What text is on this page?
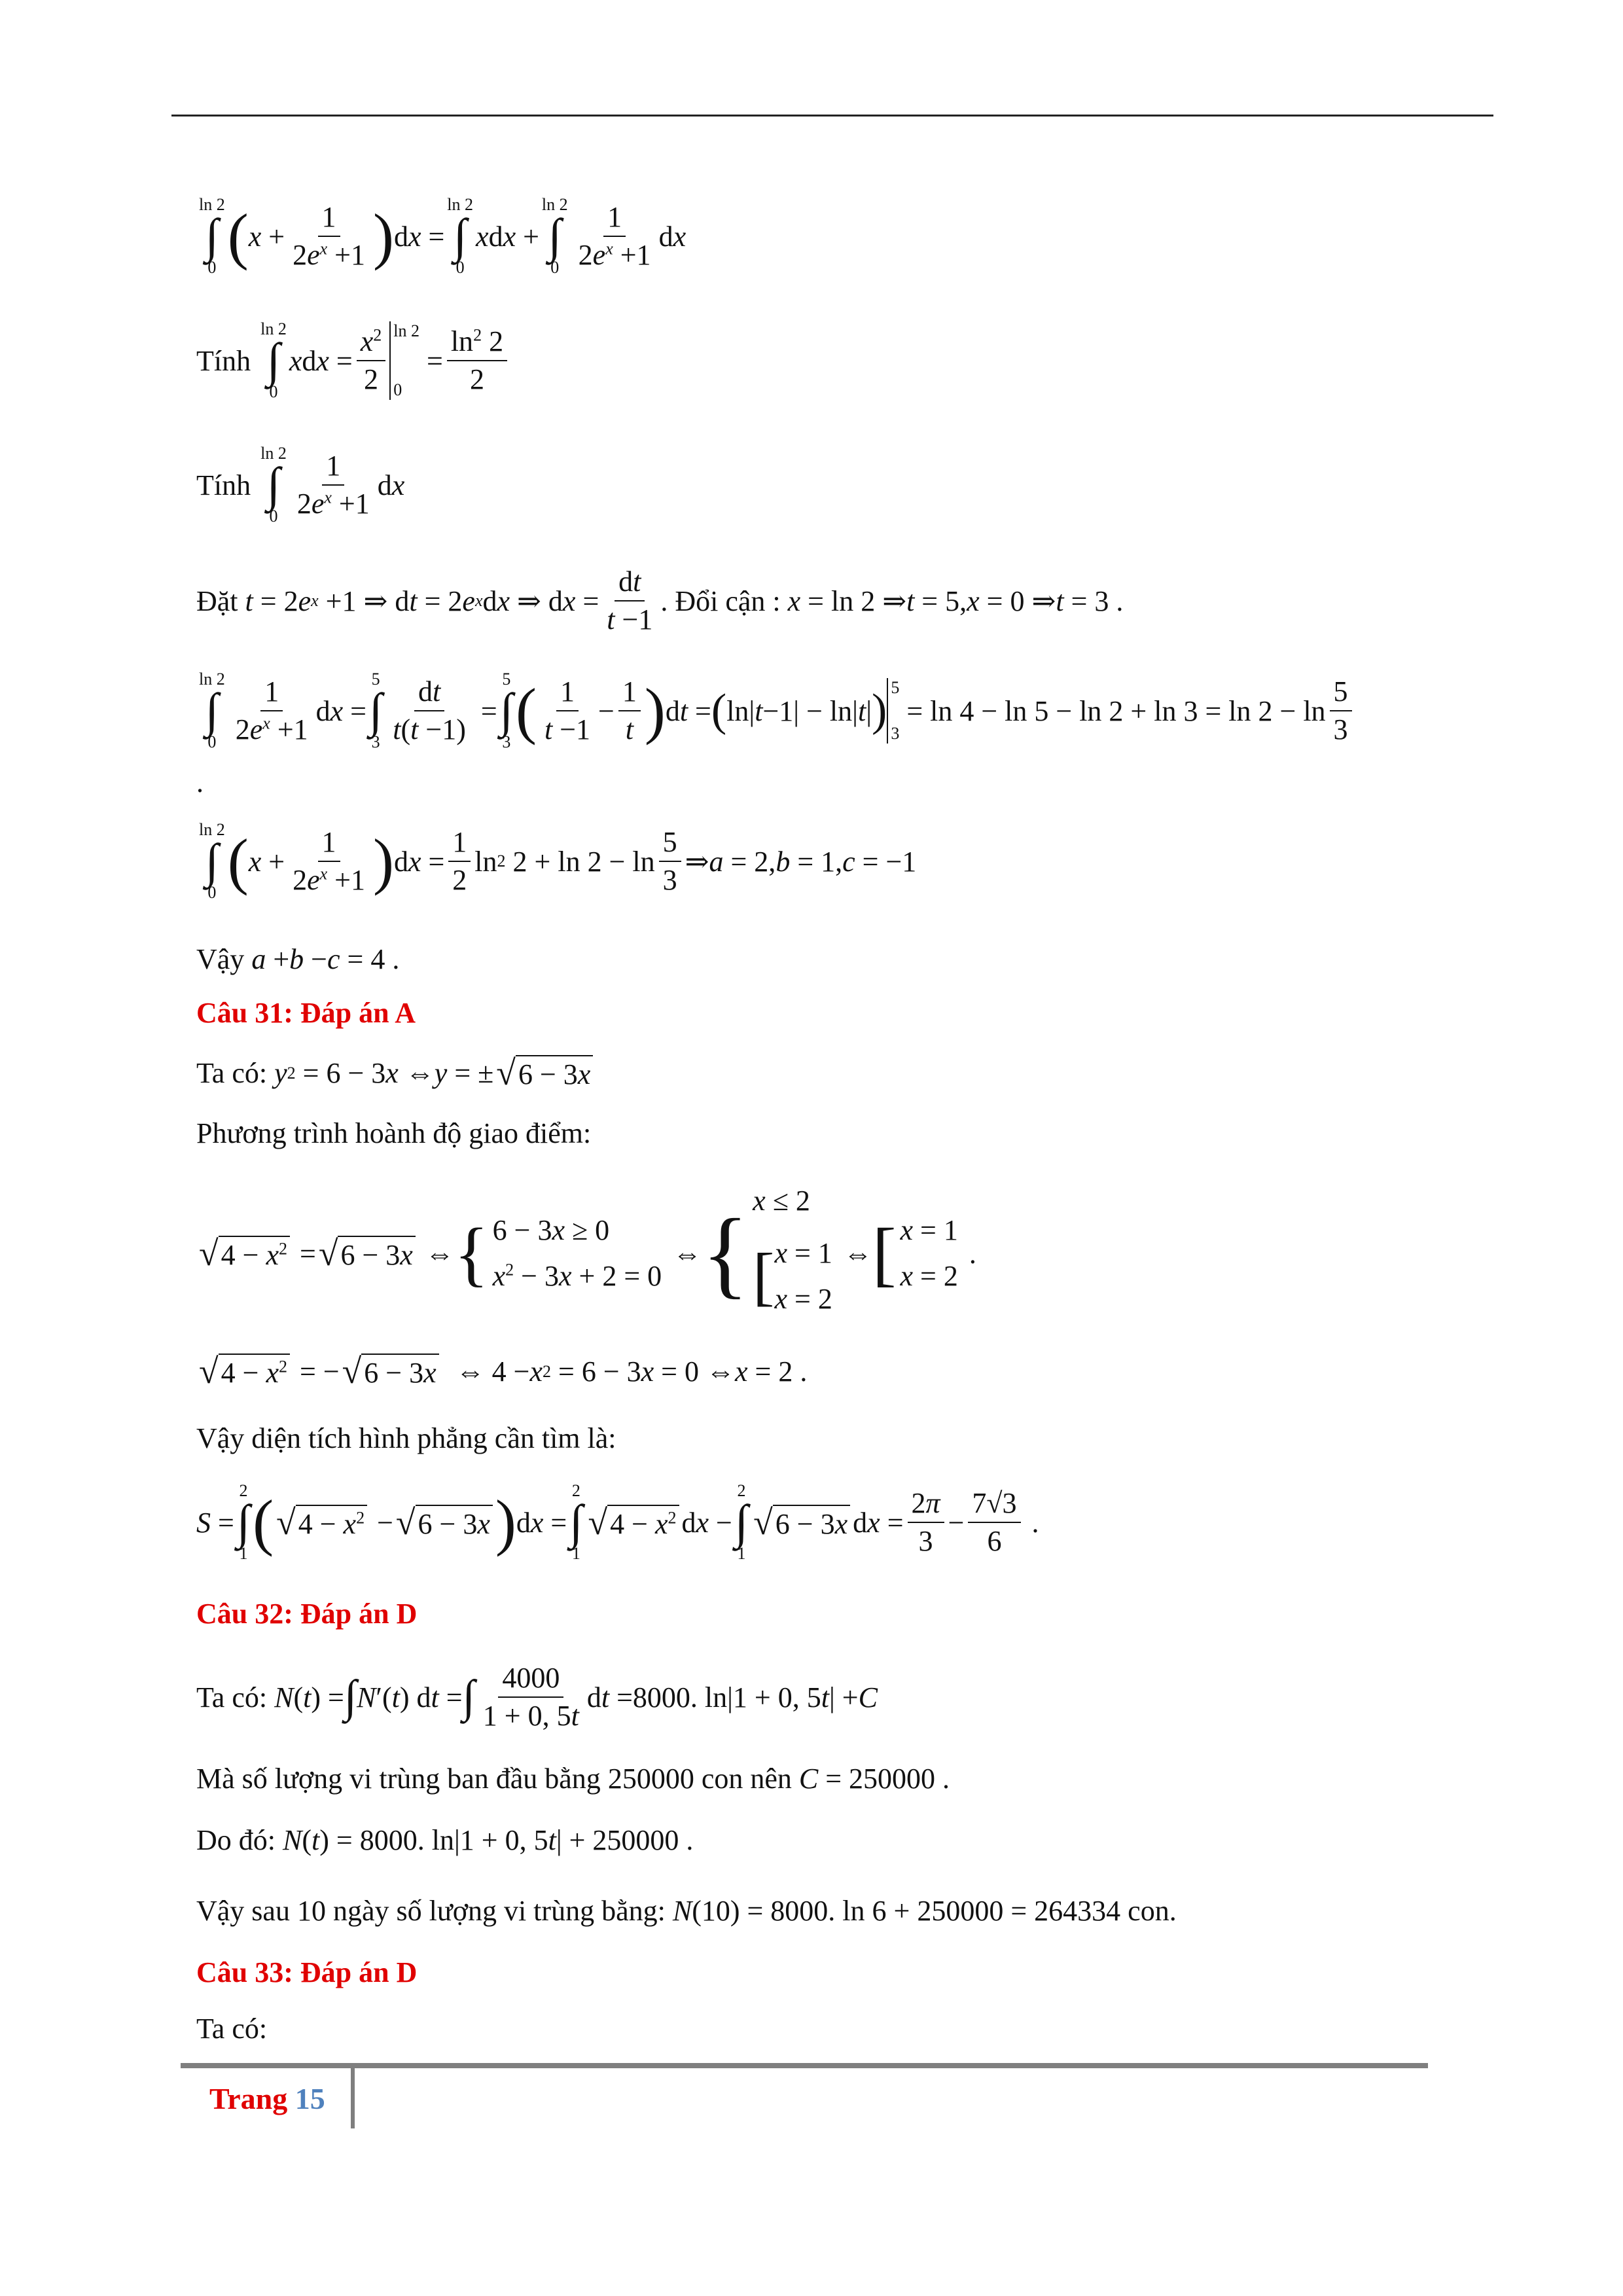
ln 2
∫
0 ( $x + \frac{1}{2e^x +1}$ ) d x =
ln 2
∫
0
x d x +
ln 2
∫
$0 \frac{1}{2e^x +1}$ d x
Tính

ln 2
∫
0
x d $x = \frac{x^2}{2}$ ln 2
0
= $\frac{\ln^2 2}{2}$
Tính

ln 2
∫
$0 \frac{1}{2e^x +1}$ d x
Đặt
t = 2 e x +1 ⇒ d t = 2 e x d x ⇒ d $x = \frac{dt}{t -1}$ . Đổi cận :
x = ln 2 ⇒ t = 5, x = 0 ⇒ t = 3 .
ln 2
∫
$0 \frac{1}{2e^x +1}$ d x =
5
∫
$3 \frac{dt}{t(t -1)}$ =
5
∫
3 ( $\frac{1}{t -1} - \frac{1}{t}$ ) d t = ( ln| t −1| − ln| t | ) 5
3
= $\ln 4 - \ln 5 - \ln 2 + \ln 3 = \ln 2 - \ln \frac{5}{3}$
.
ln 2
∫
0 ( $x + \frac{1}{2e^x +1}$ ) d $x = \frac{1}{2}$ ln 2 $2 + \ln 2 - \ln \frac{5}{3}$ ⇒ a = 2, b = 1, c = −1
Vậy
a + b − c = 4 .
Câu 31: Đáp án A
Ta có:
y 2 = 6 − 3 x ⇔ y = ± √ 6 − 3x
Phương trình hoành độ giao điểm:
√ $4 - x^2$ = √ 6 − 3x ⇔ { 6 − 3x ≥ 0
$x^2 - 3x + 2 = 0$
⇔ { x ≤ 2
[ x = 1
x = 2
⇔ [ x = 1
x = 2
.
√ $4 - x^2$ = − √ 6 − 3x ⇔ 4 − x 2 = 6 − 3 x = 0 ⇔ x = 2 .
Vậy diện tích hình phẳng cần tìm là:
S =
2
∫
1 ( √ $4 - x^2$ − √ 6 − 3x ) d x =
2
∫
1
√ $4 - x^2$ d x −
2
∫
1
√ 6 − 3x d $x = \frac{2\pi}{3} - \frac{7√3}{6}$ .
Câu 32: Đáp án D
Ta có:
N ( t ) = ∫ N ′( t ) d t = ∫ $\frac{4000}{1 + 0, 5t}$ d t =8000. ln|1 + 0, 5 t | + C
Mà số lượng vi trùng ban đầu bằng
250000
con nên
C = 250000 .
Do đó:
N ( t ) = 8000. ln|1 + 0, 5 t | + 250000 .
Vậy sau
10
ngày số lượng vi trùng bằng:
N (10) = 8000. ln 6 + 250000 = 264334
con.
Câu 33: Đáp án D
Ta có:
Trang 15
